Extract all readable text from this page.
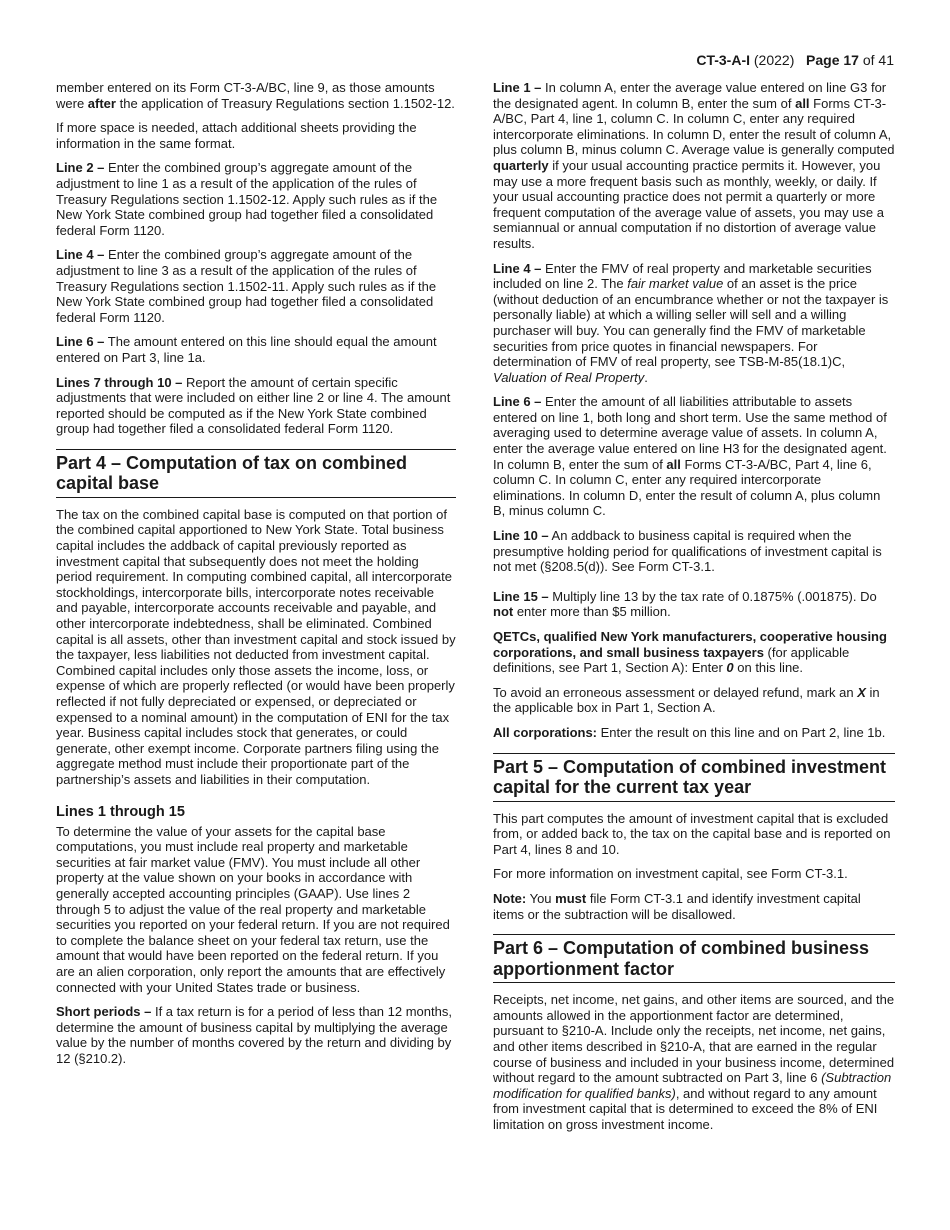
CT-3-A-I (2022) Page 17 of 41

member entered on its Form CT-3-A/BC, line 9, as those amounts were after the application of Treasury Regulations section 1.1502-12.

If more space is needed, attach additional sheets providing the information in the same format.

Line 2 – Enter the combined group’s aggregate amount of the adjustment to line 1 as a result of the application of the rules of Treasury Regulations section 1.1502-12. Apply such rules as if the New York State combined group had together filed a consolidated federal Form 1120.

Line 4 – Enter the combined group’s aggregate amount of the adjustment to line 3 as a result of the application of the rules of Treasury Regulations section 1.1502-11. Apply such rules as if the New York State combined group had together filed a consolidated federal Form 1120.

Line 6 – The amount entered on this line should equal the amount entered on Part 3, line 1a.

Lines 7 through 10 – Report the amount of certain specific adjustments that were included on either line 2 or line 4. The amount reported should be computed as if the New York State combined group had together filed a consolidated federal Form 1120.

Part 4 – Computation of tax on combined capital base

The tax on the combined capital base is computed on that portion of the combined capital apportioned to New York State. Total business capital includes the addback of capital previously reported as investment capital that subsequently does not meet the holding period requirement. In computing combined capital, all intercorporate stockholdings, intercorporate bills, intercorporate notes receivable and payable, intercorporate accounts receivable and payable, and other intercorporate indebtedness, shall be eliminated. Combined capital is all assets, other than investment capital and stock issued by the taxpayer, less liabilities not deducted from investment capital. Combined capital includes only those assets the income, loss, or expense of which are properly reflected (or would have been properly reflected if not fully depreciated or expensed, or depreciated or expensed to a nominal amount) in the computation of ENI for the tax year. Business capital includes stock that generates, or could generate, other exempt income. Corporate partners filing using the aggregate method must include their proportionate part of the partnership’s assets and liabilities in their computation.

Lines 1 through 15

To determine the value of your assets for the capital base computations, you must include real property and marketable securities at fair market value (FMV). You must include all other property at the value shown on your books in accordance with generally accepted accounting principles (GAAP). Use lines 2 through 5 to adjust the value of the real property and marketable securities you reported on your federal return. If you are not required to complete the balance sheet on your federal tax return, use the amount that would have been reported on the federal return. If you are an alien corporation, only report the amounts that are effectively connected with your United States trade or business.

Short periods – If a tax return is for a period of less than 12 months, determine the amount of business capital by multiplying the average value by the number of months covered by the return and dividing by 12 (§210.2).

Line 1 – In column A, enter the average value entered on line G3 for the designated agent. In column B, enter the sum of all Forms CT-3-A/BC, Part 4, line 1, column C. In column C, enter any required intercorporate eliminations. In column D, enter the result of column A, plus column B, minus column C. Average value is generally computed quarterly if your usual accounting practice permits it. However, you may use a more frequent basis such as monthly, weekly, or daily. If your usual accounting practice does not permit a quarterly or more frequent computation of the average value of assets, you may use a semiannual or annual computation if no distortion of average value results.

Line 4 – Enter the FMV of real property and marketable securities included on line 2. The fair market value of an asset is the price (without deduction of an encumbrance whether or not the taxpayer is personally liable) at which a willing seller will sell and a willing purchaser will buy. You can generally find the FMV of marketable securities from price quotes in financial newspapers. For determination of FMV of real property, see TSB-M-85(18.1)C, Valuation of Real Property.

Line 6 – Enter the amount of all liabilities attributable to assets entered on line 1, both long and short term. Use the same method of averaging used to determine average value of assets. In column A, enter the average value entered on line H3 for the designated agent. In column B, enter the sum of all Forms CT-3-A/BC, Part 4, line 6, column C. In column C, enter any required intercorporate eliminations. In column D, enter the result of column A, plus column B, minus column C.

Line 10 – An addback to business capital is required when the presumptive holding period for qualifications of investment capital is not met (§208.5(d)). See Form CT-3.1.

Line 15 – Multiply line 13 by the tax rate of 0.1875% (.001875). Do not enter more than $5 million.

QETCs, qualified New York manufacturers, cooperative housing corporations, and small business taxpayers (for applicable definitions, see Part 1, Section A): Enter 0 on this line.

To avoid an erroneous assessment or delayed refund, mark an X in the applicable box in Part 1, Section A.

All corporations: Enter the result on this line and on Part 2, line 1b.

Part 5 – Computation of combined investment capital for the current tax year

This part computes the amount of investment capital that is excluded from, or added back to, the tax on the capital base and is reported on Part 4, lines 8 and 10.

For more information on investment capital, see Form CT-3.1.

Note: You must file Form CT-3.1 and identify investment capital items or the subtraction will be disallowed.

Part 6 – Computation of combined business apportionment factor

Receipts, net income, net gains, and other items are sourced, and the amounts allowed in the apportionment factor are determined, pursuant to §210-A. Include only the receipts, net income, net gains, and other items described in §210-A, that are earned in the regular course of business and included in your business income, determined without regard to the amount subtracted on Part 3, line 6 (Subtraction modification for qualified banks), and without regard to any amount from investment capital that is determined to exceed the 8% of ENI limitation on gross investment income.
